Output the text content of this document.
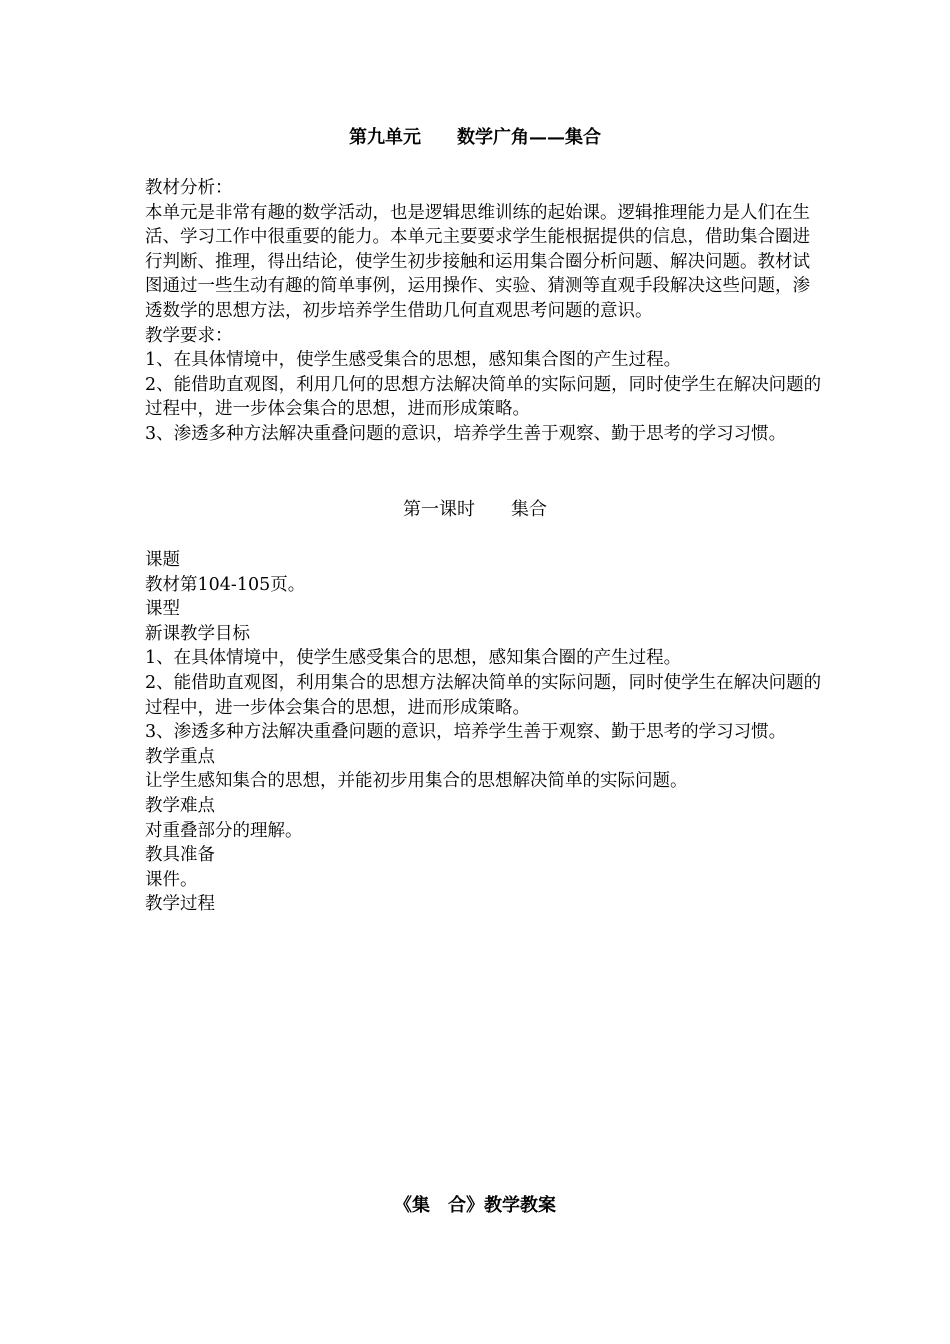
第九单元　　数学广角——集合

教材分析：

本单元是非常有趣的数学活动，也是逻辑思维训练的起始课。逻辑推理能力是人们在生活、学习工作中很重要的能力。本单元主要要求学生能根据提供的信息，借助集合圈进行判断、推理，得出结论，使学生初步接触和运用集合圈分析问题、解决问题。教材试图通过一些生动有趣的简单事例，运用操作、实验、猜测等直观手段解决这些问题，渗透数学的思想方法，初步培养学生借助几何直观思考问题的意识。

教学要求：

1、在具体情境中，使学生感受集合的思想，感知集合图的产生过程。

2、能借助直观图，利用几何的思想方法解决简单的实际问题，同时使学生在解决问题的过程中，进一步体会集合的思想，进而形成策略。

3、渗透多种方法解决重叠问题的意识，培养学生善于观察、勤于思考的学习习惯。

第一课时　　集合

课题

教材第104-105页。

课型

新课教学目标

1、在具体情境中，使学生感受集合的思想，感知集合圈的产生过程。

2、能借助直观图，利用集合的思想方法解决简单的实际问题，同时使学生在解决问题的过程中，进一步体会集合的思想，进而形成策略。

3、渗透多种方法解决重叠问题的意识，培养学生善于观察、勤于思考的学习习惯。

教学重点

让学生感知集合的思想，并能初步用集合的思想解决简单的实际问题。

教学难点

对重叠部分的理解。

教具准备

课件。

教学过程

《集　合》教学教案
